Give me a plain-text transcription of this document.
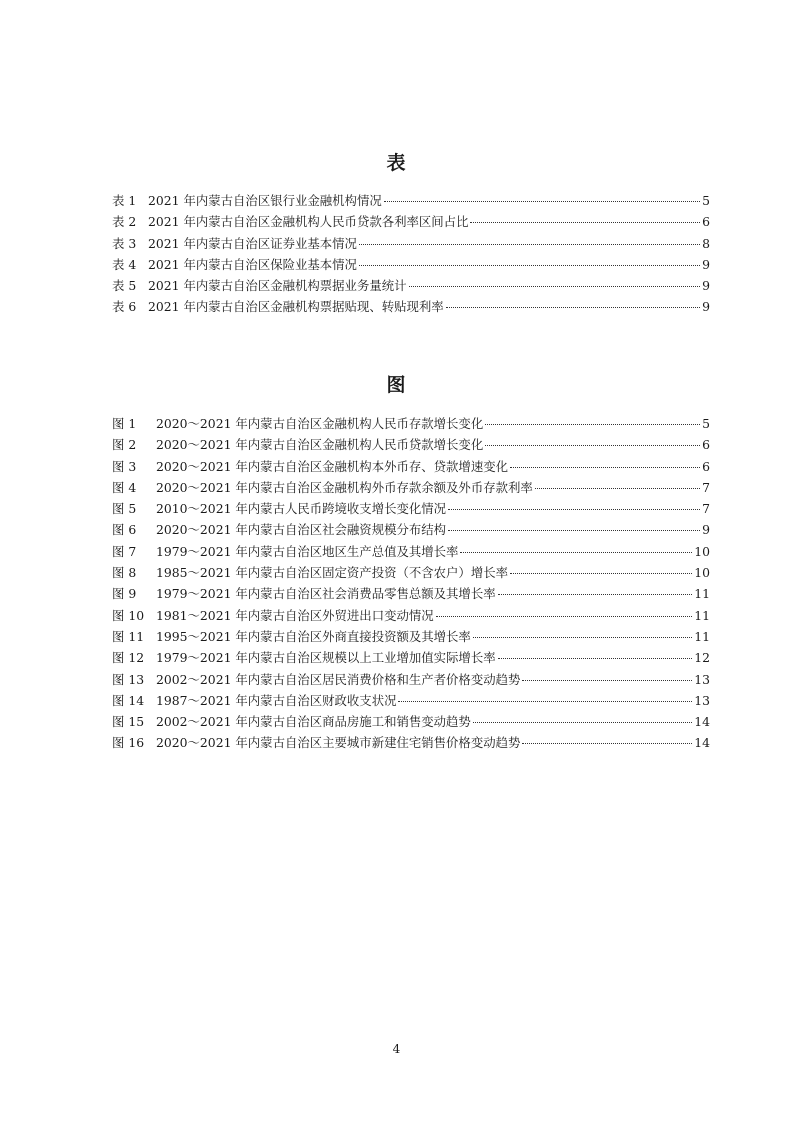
表
表 1 2021 年内蒙古自治区银行业金融机构情况	5
表 2 2021 年内蒙古自治区金融机构人民币贷款各利率区间占比	6
表 3 2021 年内蒙古自治区证券业基本情况	8
表 4 2021 年内蒙古自治区保险业基本情况	9
表 5 2021 年内蒙古自治区金融机构票据业务量统计	9
表 6 2021 年内蒙古自治区金融机构票据贴现、转贴现利率	9
图
图 1 2020～2021 年内蒙古自治区金融机构人民币存款增长变化	5
图 2 2020～2021 年内蒙古自治区金融机构人民币贷款增长变化	6
图 3 2020～2021 年内蒙古自治区金融机构本外币存、贷款增速变化	6
图 4 2020～2021 年内蒙古自治区金融机构外币存款余额及外币存款利率	7
图 5 2010～2021 年内蒙古人民币跨境收支增长变化情况	7
图 6 2020～2021 年内蒙古自治区社会融资规模分布结构	9
图 7 1979～2021 年内蒙古自治区地区生产总值及其增长率	10
图 8 1985～2021 年内蒙古自治区固定资产投资（不含农户）增长率	10
图 9 1979～2021 年内蒙古自治区社会消费品零售总额及其增长率	11
图 10 1981～2021 年内蒙古自治区外贸进出口变动情况	11
图 11 1995～2021 年内蒙古自治区外商直接投资额及其增长率	11
图 12 1979～2021 年内蒙古自治区规模以上工业增加值实际增长率	12
图 13 2002～2021 年内蒙古自治区居民消费价格和生产者价格变动趋势	13
图 14 1987～2021 年内蒙古自治区财政收支状况	13
图 15 2002～2021 年内蒙古自治区商品房施工和销售变动趋势	14
图 16 2020～2021 年内蒙古自治区主要城市新建住宅销售价格变动趋势	14
4
